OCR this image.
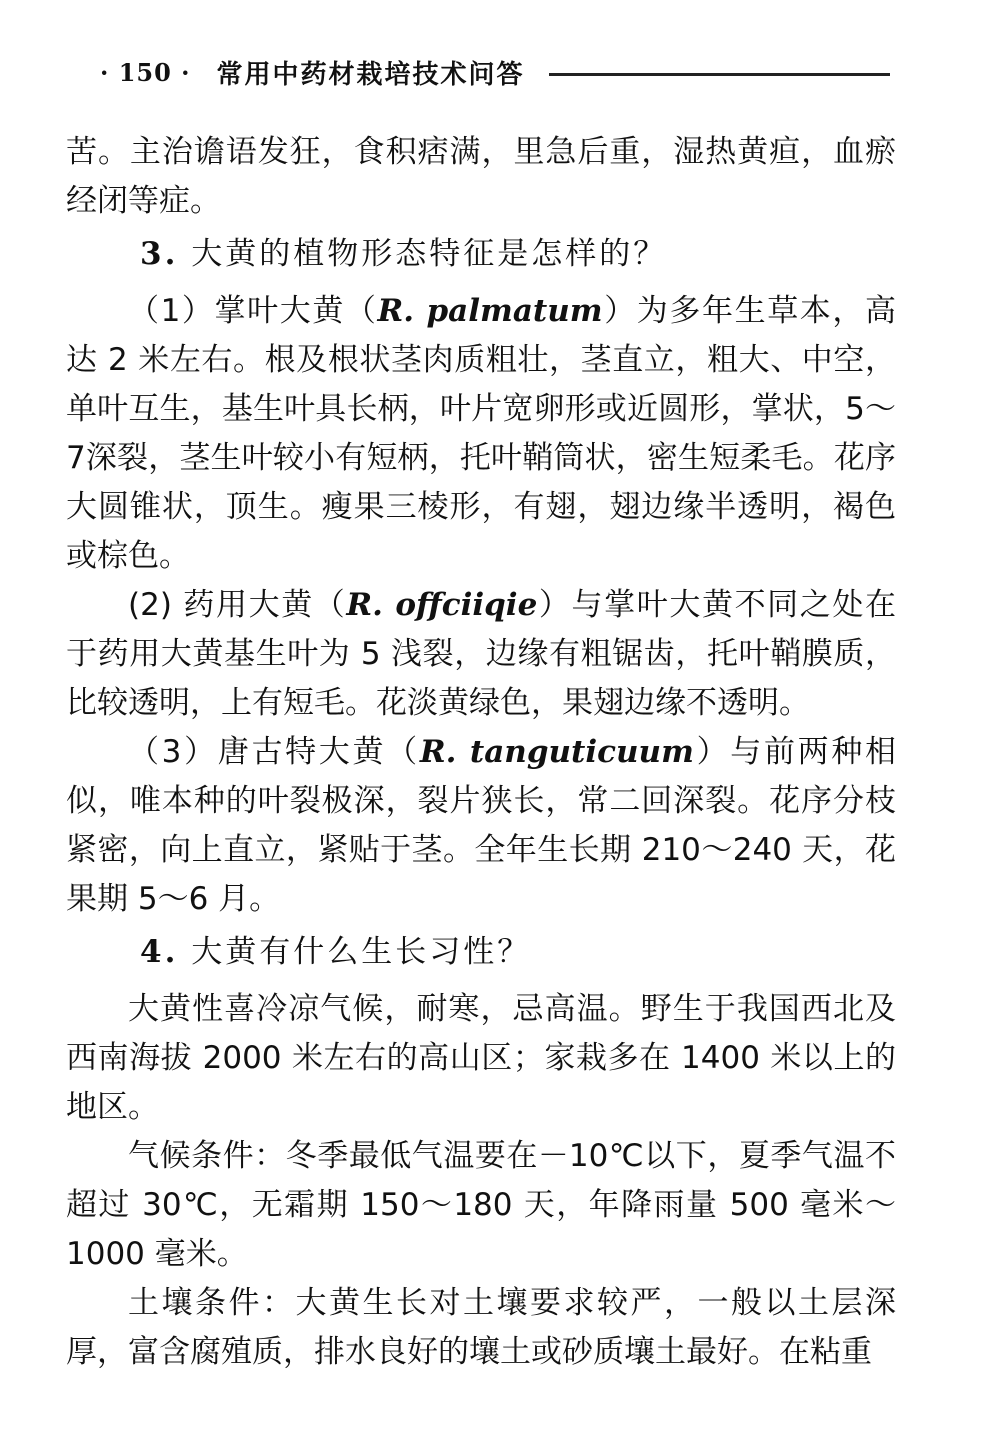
· 150 · 常用中药材栽培技术问答

苦。主治谵语发狂，食积痞满，里急后重，湿热黄疸，血瘀经闭等症。

3. 大黄的植物形态特征是怎样的？

（1）掌叶大黄（R. palmatum）为多年生草本，高达 2 米左右。根及根状茎肉质粗壮，茎直立，粗大、中空，单叶互生，基生叶具长柄，叶片宽卵形或近圆形，掌状，5～7深裂，茎生叶较小有短柄，托叶鞘筒状，密生短柔毛。花序大圆锥状，顶生。瘦果三棱形，有翅，翅边缘半透明，褐色或棕色。

(2) 药用大黄（R. offciiqie）与掌叶大黄不同之处在于药用大黄基生叶为 5 浅裂，边缘有粗锯齿，托叶鞘膜质，比较透明，上有短毛。花淡黄绿色，果翅边缘不透明。

（3）唐古特大黄（R. tanguticuum）与前两种相似，唯本种的叶裂极深，裂片狭长，常二回深裂。花序分枝紧密，向上直立，紧贴于茎。全年生长期 210～240 天，花果期 5～6 月。

4. 大黄有什么生长习性？

大黄性喜冷凉气候，耐寒，忌高温。野生于我国西北及西南海拔 2000 米左右的高山区；家栽多在 1400 米以上的地区。

气候条件：冬季最低气温要在－10℃以下，夏季气温不超过 30℃，无霜期 150～180 天，年降雨量 500 毫米～1000 毫米。

土壤条件：大黄生长对土壤要求较严，一般以土层深厚，富含腐殖质，排水良好的壤土或砂质壤土最好。在粘重
